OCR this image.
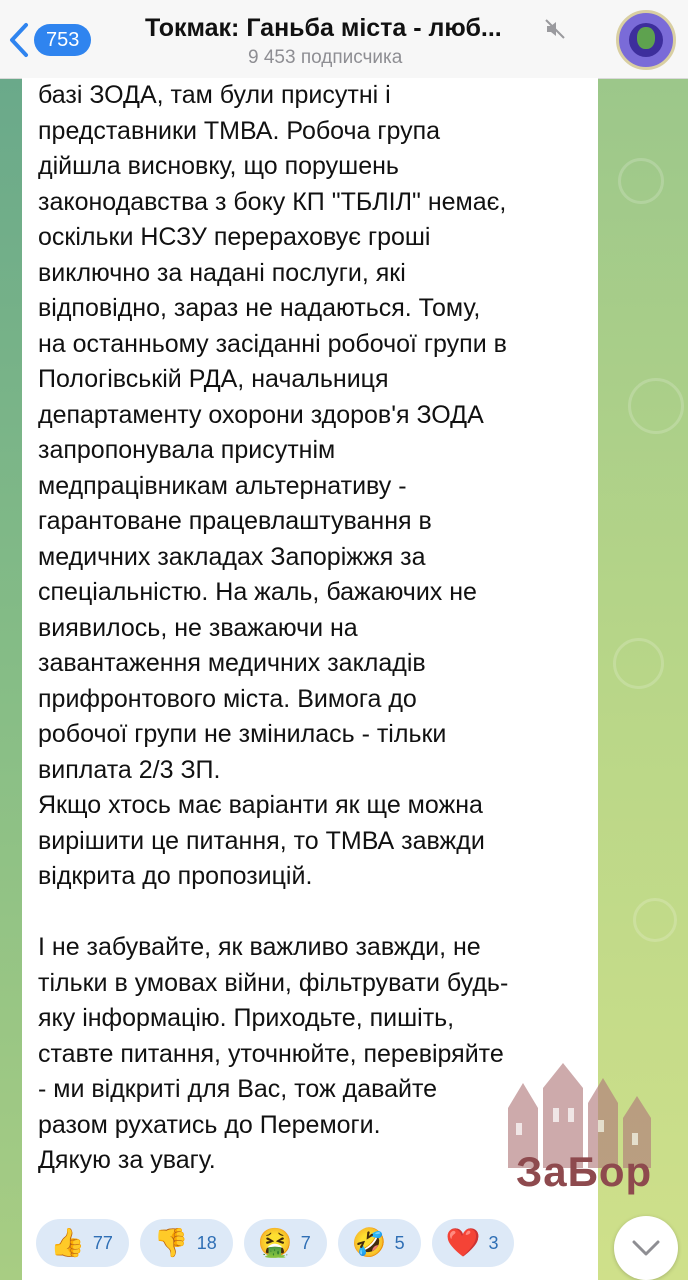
753	Токмак: Ганьба міста - люб...
9 453 подписчика
базі ЗОДА, там були присутні і
представники ТМВА. Робоча група
дійшла висновку, що порушень
законодавства з боку КП "ТБЛІЛ" немає,
оскільки НСЗУ перераховує гроші
виключно за надані послуги, які
відповідно, зараз не надаються. Тому,
на останньому засіданні робочої групи в
Пологівській РДА, начальниця
департаменту охорони здоров'я ЗОДА
запропонувала присутнім
медпрацівникам альтернативу -
гарантоване працевлаштування в
медичних закладах Запоріжжя за
спеціальністю. На жаль, бажаючих не
виявилось, не зважаючи на
завантаження медичних закладів
прифронтового міста. Вимога до
робочої групи не змінилась - тільки
виплата 2/3 ЗП.
Якщо хтось має варіанти як ще можна
вирішити це питання, то ТМВА завжди
відкрита до пропозицій.

І не забувайте, як важливо завжди, не
тільки в умовах війни, фільтрувати будь-
яку інформацію. Приходьте, пишіть,
ставте питання, уточнюйте, перевіряйте
- ми відкриті для Вас, тож давайте
разом рухатись до Перемоги.
Дякую за увагу.	ЗаБор
👍 77 👎 18 🤮 7 🤣 5 ❤️ 3
